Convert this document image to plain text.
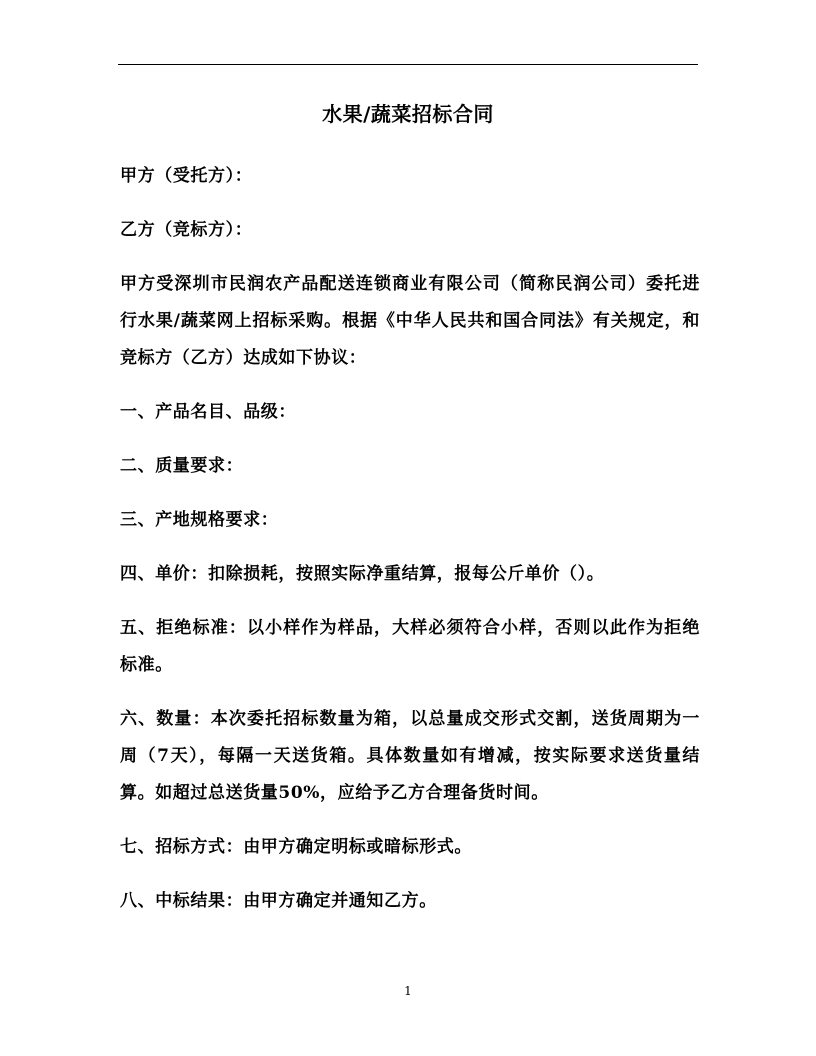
水果/蔬菜招标合同

甲方（受托方）：

乙方（竞标方）：

甲方受深圳市民润农产品配送连锁商业有限公司（简称民润公司）委托进行水果/蔬菜网上招标采购。根据《中华人民共和国合同法》有关规定，和竞标方（乙方）达成如下协议：

一、产品名目、品级：

二、质量要求：

三、产地规格要求：

四、单价：扣除损耗，按照实际净重结算，报每公斤单价（）。

五、拒绝标准：以小样作为样品，大样必须符合小样，否则以此作为拒绝标准。

六、数量：本次委托招标数量为箱，以总量成交形式交割，送货周期为一周（7天），每隔一天送货箱。具体数量如有增减，按实际要求送货量结算。如超过总送货量50%，应给予乙方合理备货时间。

七、招标方式：由甲方确定明标或暗标形式。

八、中标结果：由甲方确定并通知乙方。

1
